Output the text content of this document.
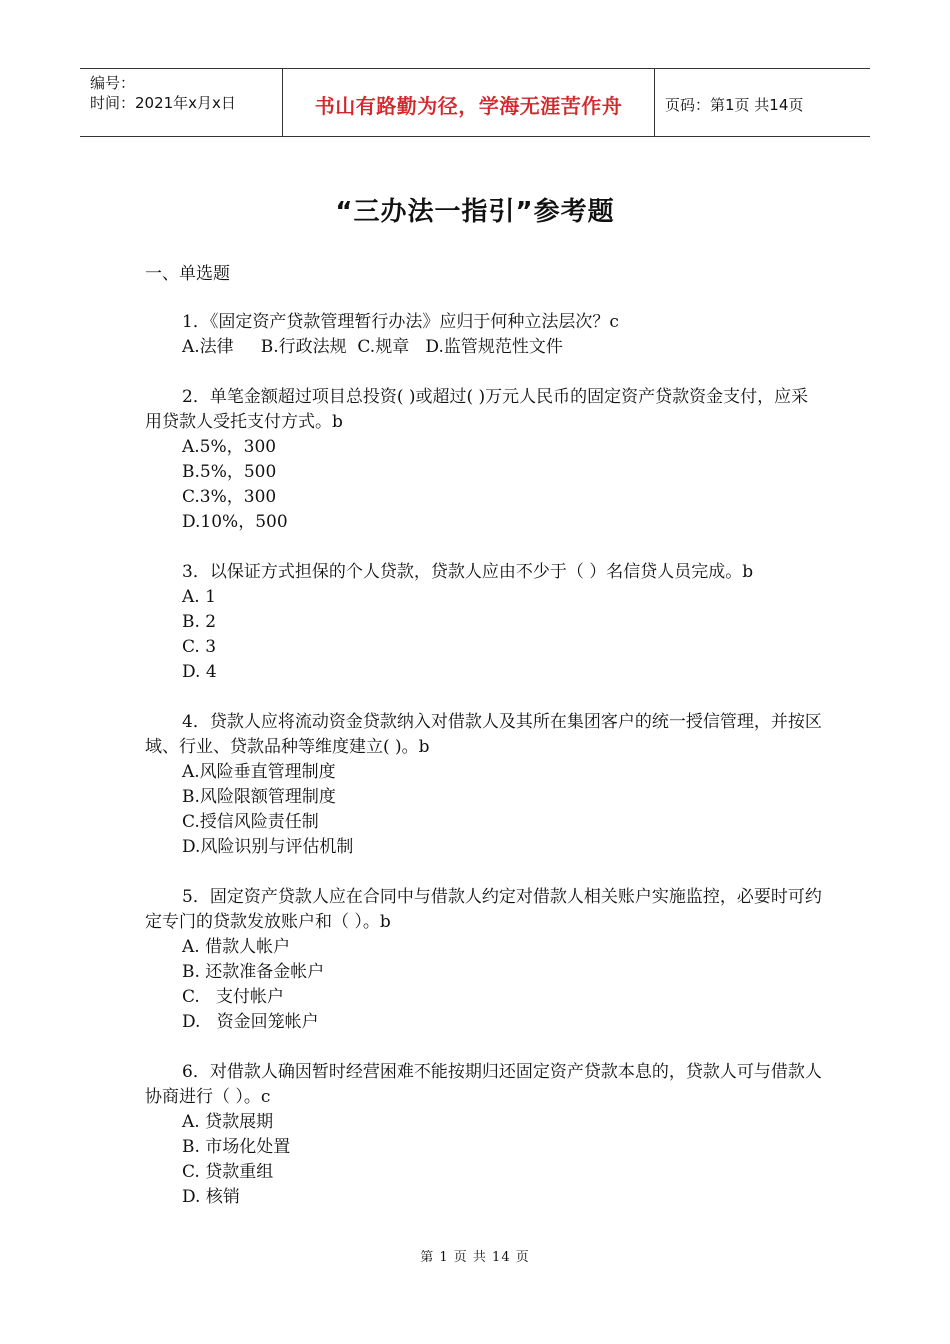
编号：
时间：2021年x月x日	书山有路勤为径，学海无涯苦作舟	页码：第1页 共14页
“三办法一指引”参考题
一、单选题
1．《固定资产贷款管理暂行办法》应归于何种立法层次？c
A.法律     B.行政法规  C.规章   D.监管规范性文件
2．单笔金额超过项目总投资( )或超过( )万元人民币的固定资产贷款资金支付，应采用贷款人受托支付方式。b
A.5%，300
B.5%，500
C.3%，300
D.10%，500
3．以保证方式担保的个人贷款，贷款人应由不少于（ ）名信贷人员完成。b
A. 1
B. 2
C. 3
D. 4
4．贷款人应将流动资金贷款纳入对借款人及其所在集团客户的统一授信管理，并按区域、行业、贷款品种等维度建立( )。b
A.风险垂直管理制度
B.风险限额管理制度
C.授信风险责任制
D.风险识别与评估机制
5．固定资产贷款人应在合同中与借款人约定对借款人相关账户实施监控，必要时可约定专门的贷款发放账户和（ ）。b
A. 借款人帐户
B. 还款准备金帐户
C.   支付帐户
D.   资金回笼帐户
6．对借款人确因暂时经营困难不能按期归还固定资产贷款本息的，贷款人可与借款人协商进行（ ）。c
A. 贷款展期
B. 市场化处置
C. 贷款重组
D. 核销
第 1 页 共 14 页
